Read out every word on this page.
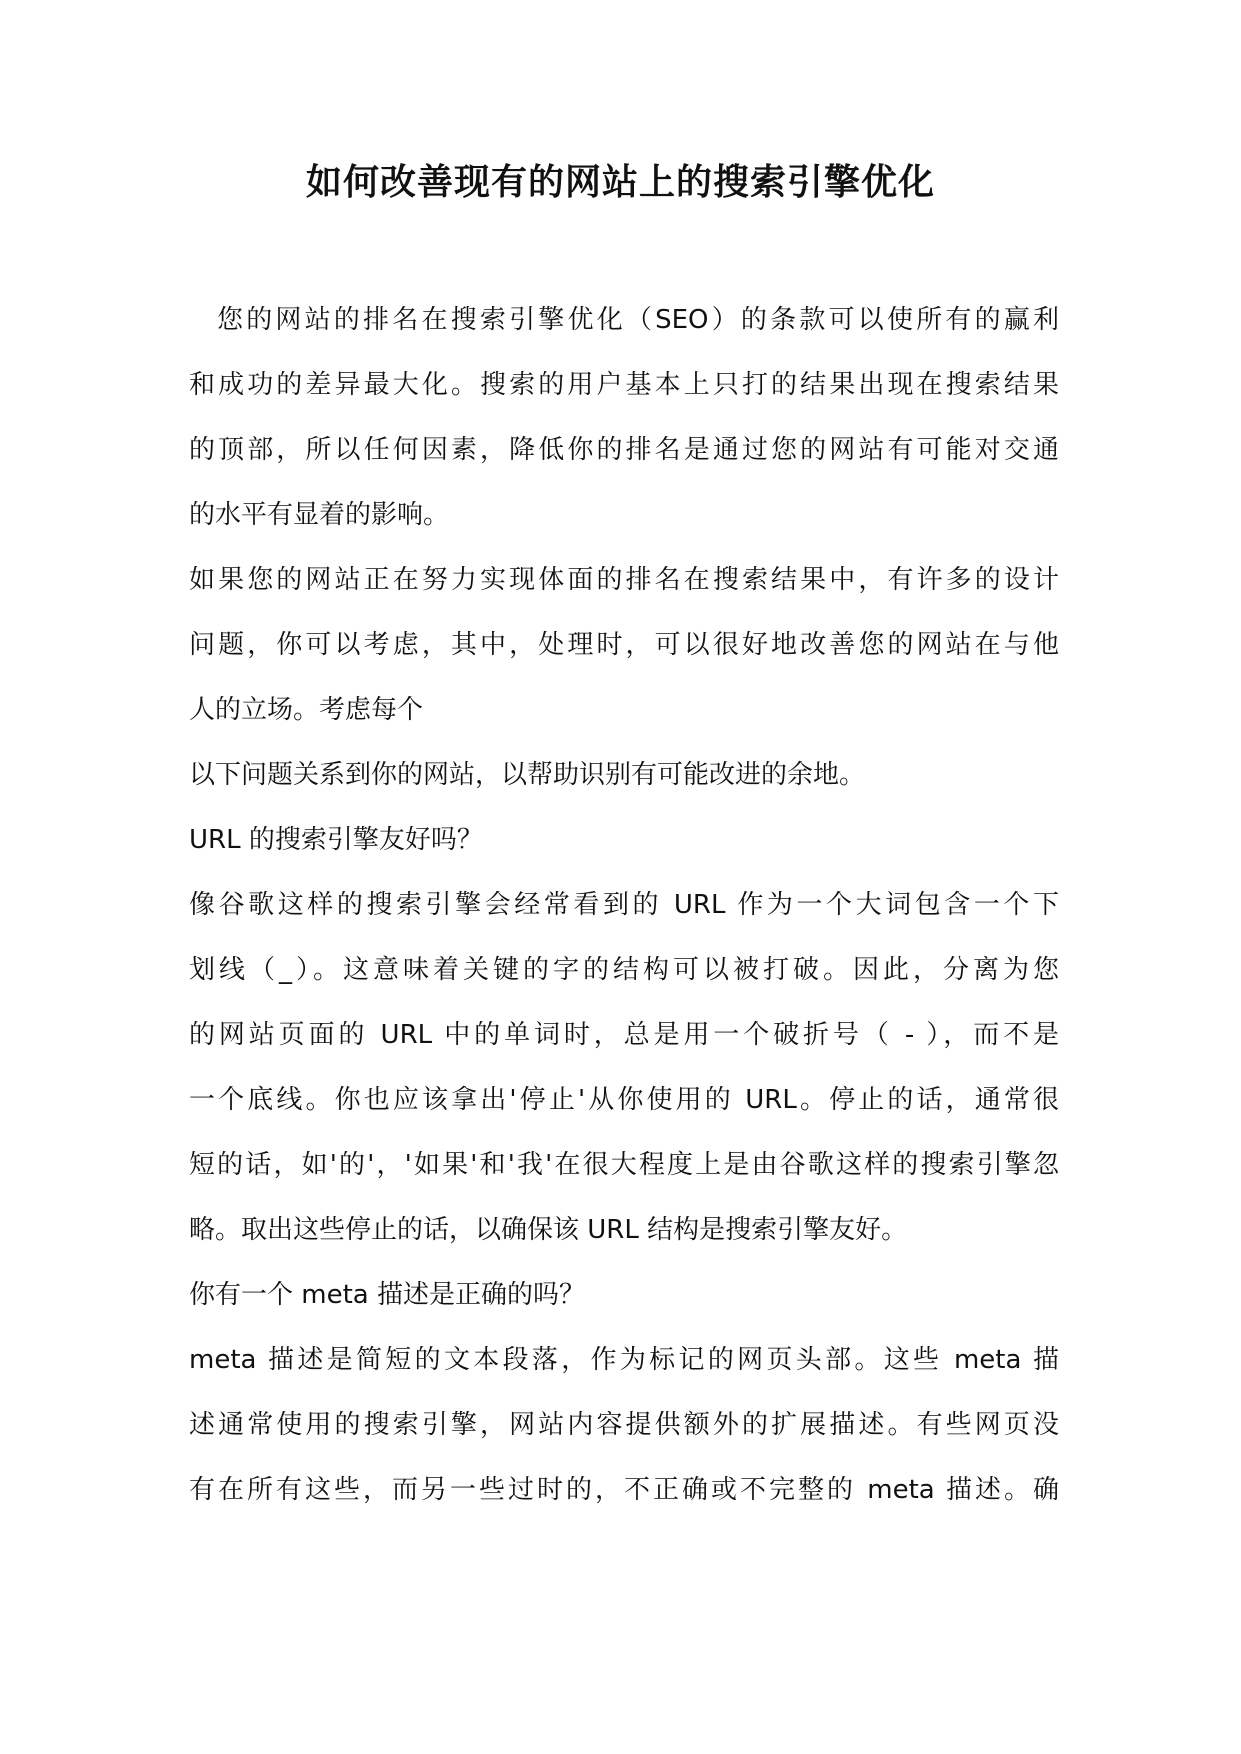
如何改善现有的网站上的搜索引擎优化
您的网站的排名在搜索引擎优化（SEO）的条款可以使所有的赢利
和成功的差异最大化。搜索的用户基本上只打的结果出现在搜索结果
的顶部，所以任何因素，降低你的排名是通过您的网站有可能对交通
的水平有显着的影响。
如果您的网站正在努力实现体面的排名在搜索结果中，有许多的设计
问题，你可以考虑，其中，处理时，可以很好地改善您的网站在与他
人的立场。考虑每个
以下问题关系到你的网站，以帮助识别有可能改进的余地。
URL 的搜索引擎友好吗？
像谷歌这样的搜索引擎会经常看到的 URL 作为一个大词包含一个下
划线（_）。这意味着关键的字的结构可以被打破。因此，分离为您
的网站页面的 URL 中的单词时，总是用一个破折号（ - ），而不是
一个底线。你也应该拿出'停止'从你使用的 URL。停止的话，通常很
短的话，如'的'，'如果'和'我'在很大程度上是由谷歌这样的搜索引擎忽
略。取出这些停止的话，以确保该 URL 结构是搜索引擎友好。
你有一个 meta 描述是正确的吗？
meta 描述是简短的文本段落，作为标记的网页头部。这些 meta 描
述通常使用的搜索引擎，网站内容提供额外的扩展描述。有些网页没
有在所有这些，而另一些过时的，不正确或不完整的 meta 描述。确
